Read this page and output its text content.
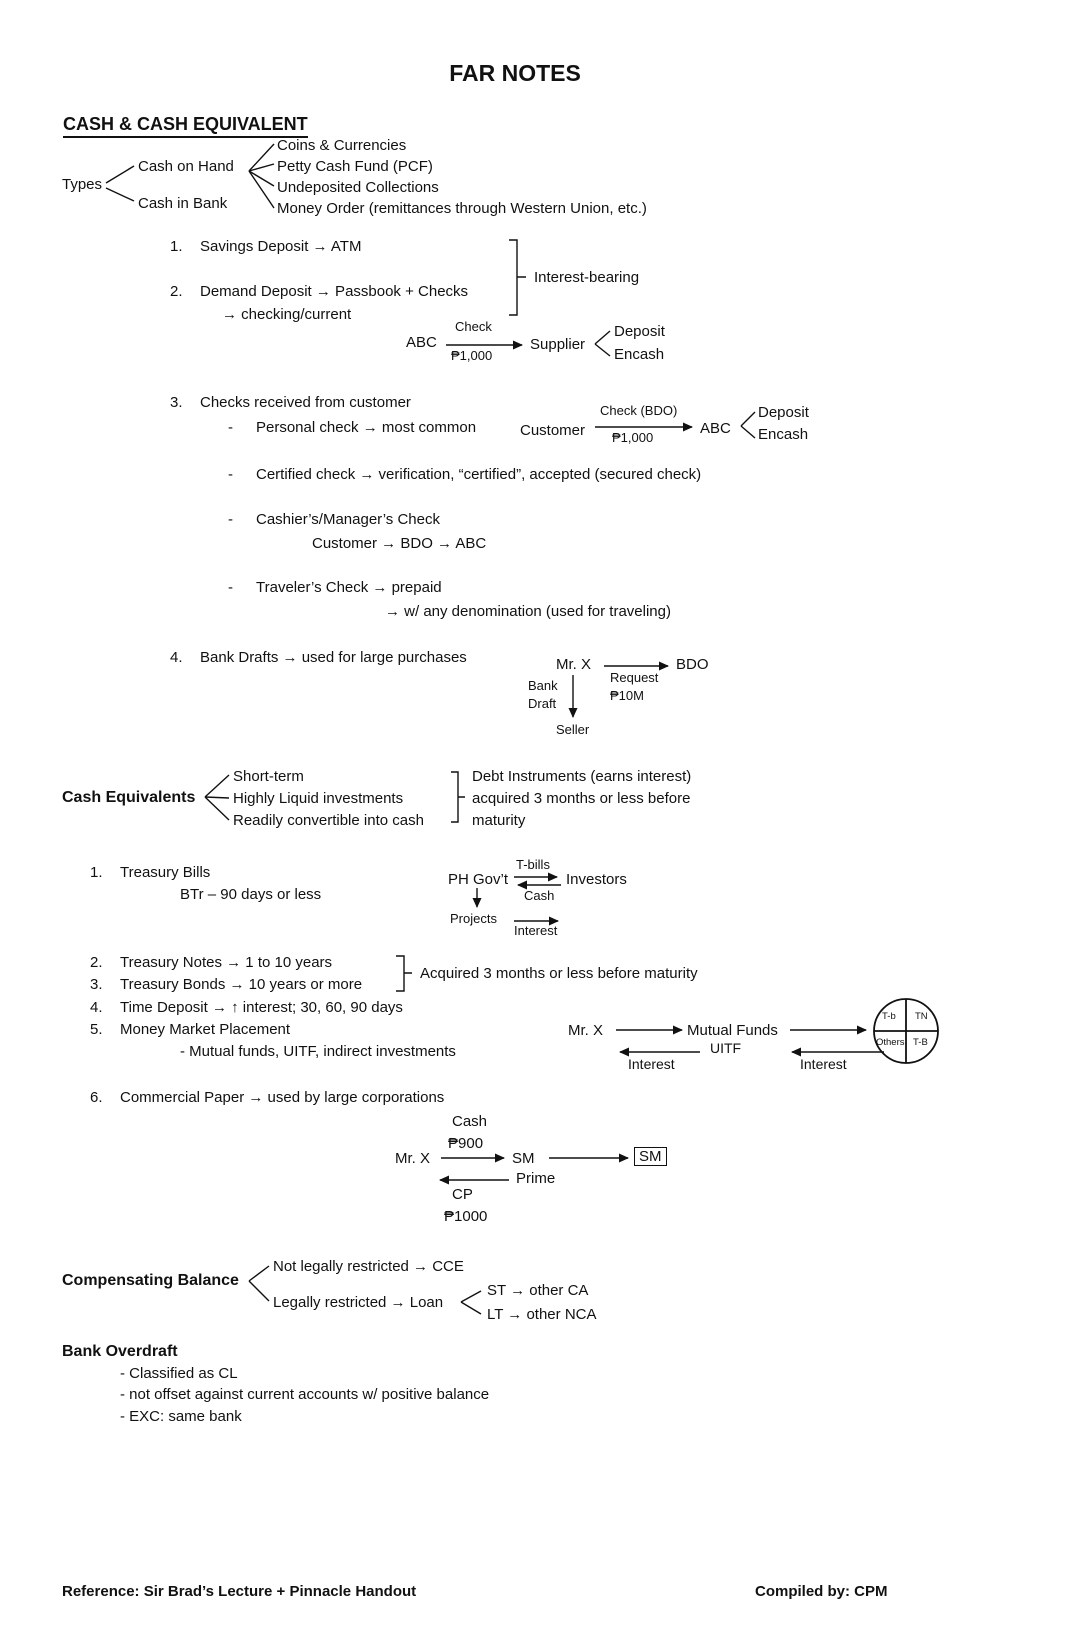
FAR NOTES
CASH & CASH EQUIVALENT
Coins & Currencies
Cash on Hand	Petty Cash Fund (PCF)
Types	Undeposited Collections
Cash in Bank	Money Order (remittances through Western Union, etc.)
1. Savings Deposit → ATM
2. Demand Deposit → Passbook + Checks
→ checking/current
Interest-bearing
ABC
Check
₱1,000
Supplier
Deposit
Encash
3. Checks received from customer
- Personal check → most common	Customer
Check (BDO)
₱1,000
ABC
Deposit
Encash
- Certified check → verification, “certified”, accepted (secured check)
- Cashier’s/Manager’s Check
Customer → BDO → ABC
- Traveler’s Check → prepaid
→ w/ any denomination (used for traveling)
4. Bank Drafts → used for large purchases	Mr. X
Request
₱10M
BDO
Bank
Draft
Seller
Cash Equivalents
Short-term
Highly Liquid investments
Readily convertible into cash
Debt Instruments (earns interest)
acquired 3 months or less before
maturity
1. Treasury Bills
BTr – 90 days or less
T-bills
PH Gov’t	Investors
Cash
Projects
Interest
2. Treasury Notes → 1 to 10 years
3. Treasury Bonds → 10 years or more
Acquired 3 months or less before maturity
4. Time Deposit → ↑ interest; 30, 60, 90 days
5. Money Market Placement
- Mutual funds, UITF, indirect investments
Mr. X	Mutual Funds
UITF
Interest	Interest
T-b TN
Others T-B
6. Commercial Paper → used by large corporations
Cash
₱900
Mr. X	SM	SM
Prime
CP
₱1000
Compensating Balance
Not legally restricted → CCE
Legally restricted → Loan
ST → other CA
LT → other NCA
Bank Overdraft
- Classified as CL
- not offset against current accounts w/ positive balance
- EXC: same bank
Reference: Sir Brad’s Lecture + Pinnacle Handout	Compiled by: CPM
